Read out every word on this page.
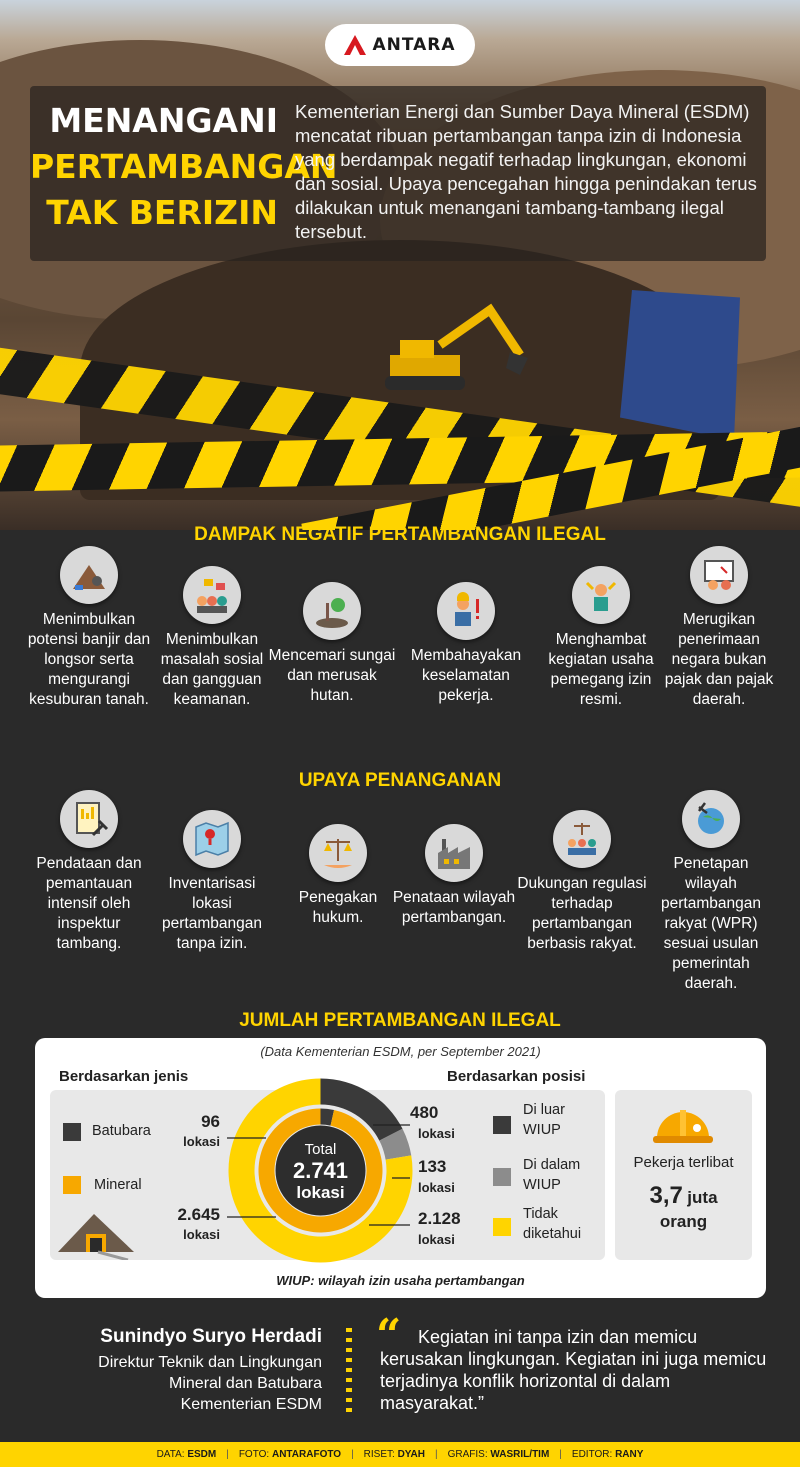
ANTARA
MENANGANI
PERTAMBANGAN
TAK BERIZIN

Kementerian Energi dan Sumber Daya Mineral (ESDM) mencatat ribuan pertambangan tanpa izin di Indonesia yang berdampak negatif terhadap lingkungan, ekonomi dan sosial. Upaya pencegahan hingga penindakan terus dilakukan untuk menangani tambang-tambang ilegal tersebut.

DAMPAK NEGATIF PERTAMBANGAN ILEGAL
Menimbulkan potensi banjir dan longsor serta mengurangi kesuburan tanah.
Menimbulkan masalah sosial dan gangguan keamanan.
Mencemari sungai dan merusak hutan.
Membahayakan keselamatan pekerja.
Menghambat kegiatan usaha pemegang izin resmi.
Merugikan penerimaan negara bukan pajak dan pajak daerah.
UPAYA PENANGANAN
Pendataan dan pemantauan intensif oleh inspektur tambang.
Inventarisasi lokasi pertambangan tanpa izin.
Penegakan hukum.
Penataan wilayah pertambangan.
Dukungan regulasi terhadap pertambangan berbasis rakyat.
Penetapan wilayah pertambangan rakyat (WPR) sesuai usulan pemerintah daerah.
JUMLAH PERTAMBANGAN ILEGAL
(Data Kementerian ESDM, per September 2021)
Berdasarkan jenis	Berdasarkan posisi
Batubara
Mineral
96
lokasi
2.645
lokasi
480
lokasi
133
lokasi
2.128
lokasi
Di luar
WIUP
Di dalam
WIUP
Tidak
diketahui
Pekerja terlibat
3,7 juta
orang
WIUP: wilayah izin usaha pertambangan
Total
2.741
lokasi
Sunindyo Suryo Herdadi
Direktur Teknik dan Lingkungan
Mineral dan Batubara
Kementerian ESDM
“ Kegiatan ini tanpa izin dan memicu kerusakan lingkungan. Kegiatan ini juga memicu terjadinya konflik horizontal di dalam masyarakat.”

DATA: ESDM | FOTO: ANTARAFOTO | RISET: DYAH | GRAFIS: WASRIL/TIM | EDITOR: RANY
